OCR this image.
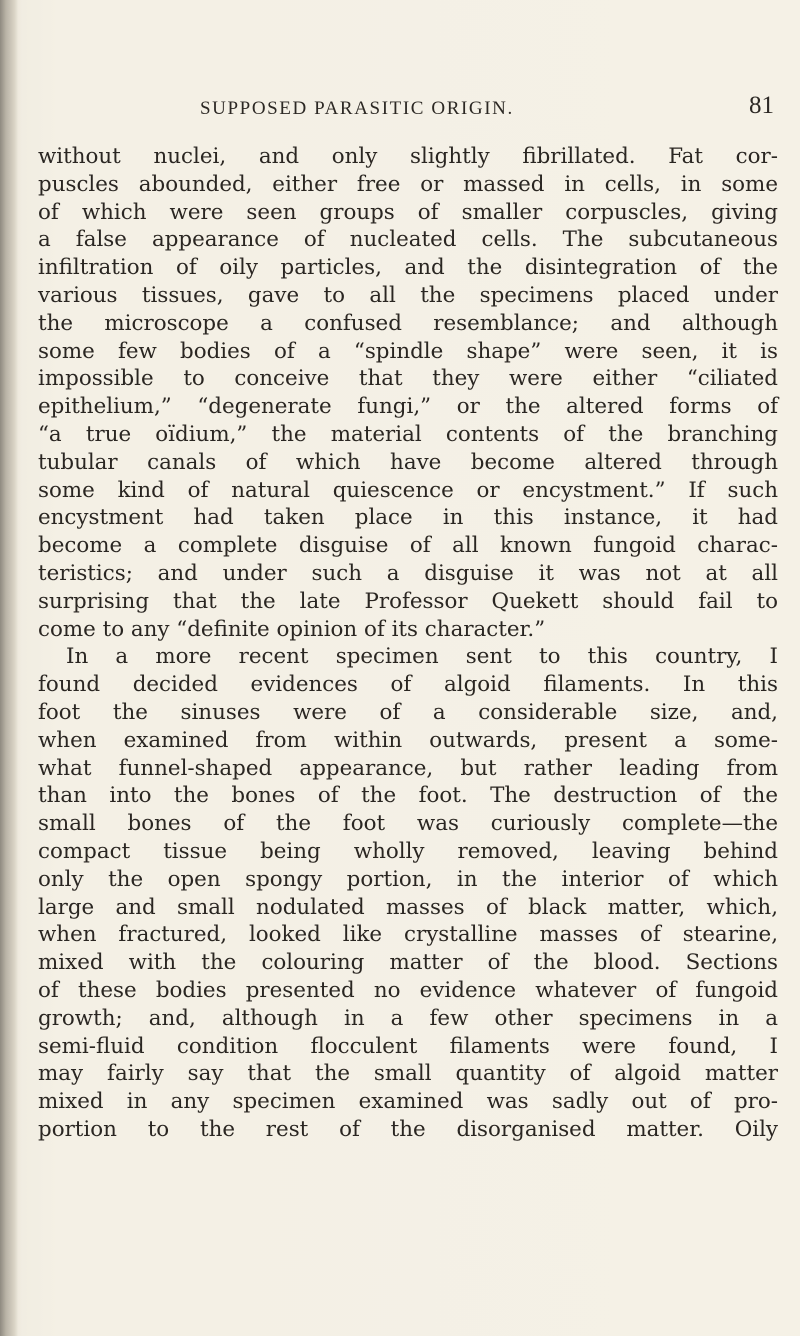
SUPPOSED PARASITIC ORIGIN.	81
without nuclei, and only slightly fibrillated. Fat cor-
puscles abounded, either free or massed in cells, in some
of which were seen groups of smaller corpuscles, giving
a false appearance of nucleated cells. The subcutaneous
infiltration of oily particles, and the disintegration of the
various tissues, gave to all the specimens placed under
the microscope a confused resemblance; and although
some few bodies of a “spindle shape” were seen, it is
impossible to conceive that they were either “ciliated
epithelium,” “degenerate fungi,” or the altered forms of
“a true oïdium,” the material contents of the branching
tubular canals of which have become altered through
some kind of natural quiescence or encystment.” If such
encystment had taken place in this instance, it had
become a complete disguise of all known fungoid charac-
teristics; and under such a disguise it was not at all
surprising that the late Professor Quekett should fail to
come to any “definite opinion of its character.”
In a more recent specimen sent to this country, I
found decided evidences of algoid filaments. In this
foot the sinuses were of a considerable size, and,
when examined from within outwards, present a some-
what funnel-shaped appearance, but rather leading from
than into the bones of the foot. The destruction of the
small bones of the foot was curiously complete—the
compact tissue being wholly removed, leaving behind
only the open spongy portion, in the interior of which
large and small nodulated masses of black matter, which,
when fractured, looked like crystalline masses of stearine,
mixed with the colouring matter of the blood. Sections
of these bodies presented no evidence whatever of fungoid
growth; and, although in a few other specimens in a
semi-fluid condition flocculent filaments were found, I
may fairly say that the small quantity of algoid matter
mixed in any specimen examined was sadly out of pro-
portion to the rest of the disorganised matter. Oily
